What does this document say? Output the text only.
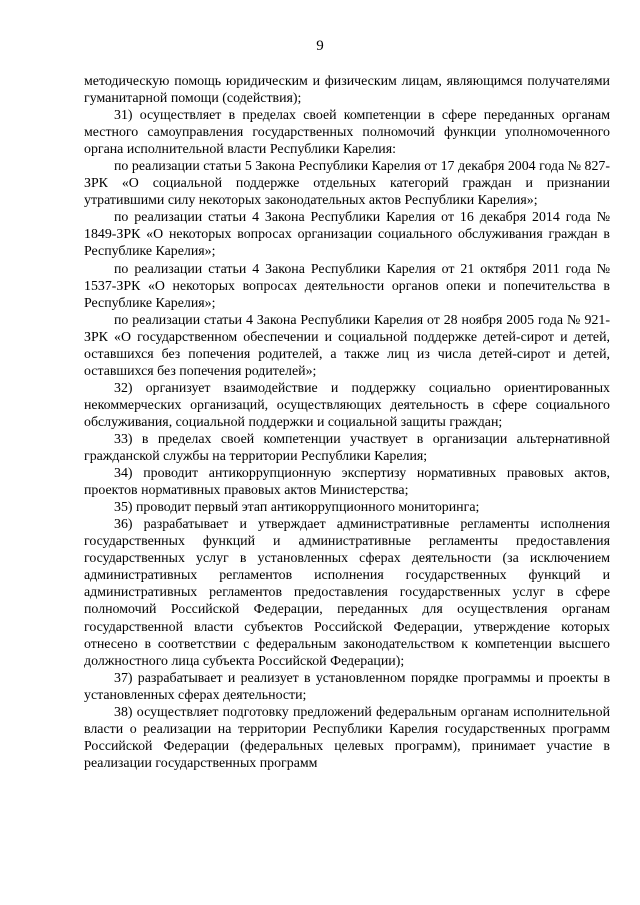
9

методическую помощь юридическим и физическим лицам, являющимся получателями гуманитарной помощи (содействия);

31) осуществляет в пределах своей компетенции в сфере переданных органам местного самоуправления государственных полномочий функции уполномоченного органа исполнительной власти Республики Карелия:

по реализации статьи 5 Закона Республики Карелия от 17 декабря 2004 года № 827-ЗРК «О социальной поддержке отдельных категорий граждан и признании утратившими силу некоторых законодательных актов Республики Карелия»;

по реализации статьи 4 Закона Республики Карелия от 16 декабря 2014 года № 1849-ЗРК «О некоторых вопросах организации социального обслуживания граждан в Республике Карелия»;

по реализации статьи 4 Закона Республики Карелия от 21 октября 2011 года № 1537-ЗРК «О некоторых вопросах деятельности органов опеки и попечительства в Республике Карелия»;

по реализации статьи 4 Закона Республики Карелия от 28 ноября 2005 года № 921-ЗРК «О государственном обеспечении и социальной поддержке детей-сирот и детей, оставшихся без попечения родителей, а также лиц из числа детей-сирот и детей, оставшихся без попечения родителей»;

32) организует взаимодействие и поддержку социально ориентированных некоммерческих организаций, осуществляющих деятельность в сфере социального обслуживания, социальной поддержки и социальной защиты граждан;

33) в пределах своей компетенции участвует в организации альтернативной гражданской службы на территории Республики Карелия;

34) проводит антикоррупционную экспертизу нормативных правовых актов, проектов нормативных правовых актов Министерства;

35) проводит первый этап антикоррупционного мониторинга;

36) разрабатывает и утверждает административные регламенты исполнения государственных функций и административные регламенты предоставления государственных услуг в установленных сферах деятельности (за исключением административных регламентов исполнения государственных функций и административных регламентов предоставления государственных услуг в сфере полномочий Российской Федерации, переданных для осуществления органам государственной власти субъектов Российской Федерации, утверждение которых отнесено в соответствии с федеральным законодательством к компетенции высшего должностного лица субъекта Российской Федерации);

37) разрабатывает и реализует в установленном порядке программы и проекты в установленных сферах деятельности;

38) осуществляет подготовку предложений федеральным органам исполнительной власти о реализации на территории Республики Карелия государственных программ Российской Федерации (федеральных целевых программ), принимает участие в реализации государственных программ
